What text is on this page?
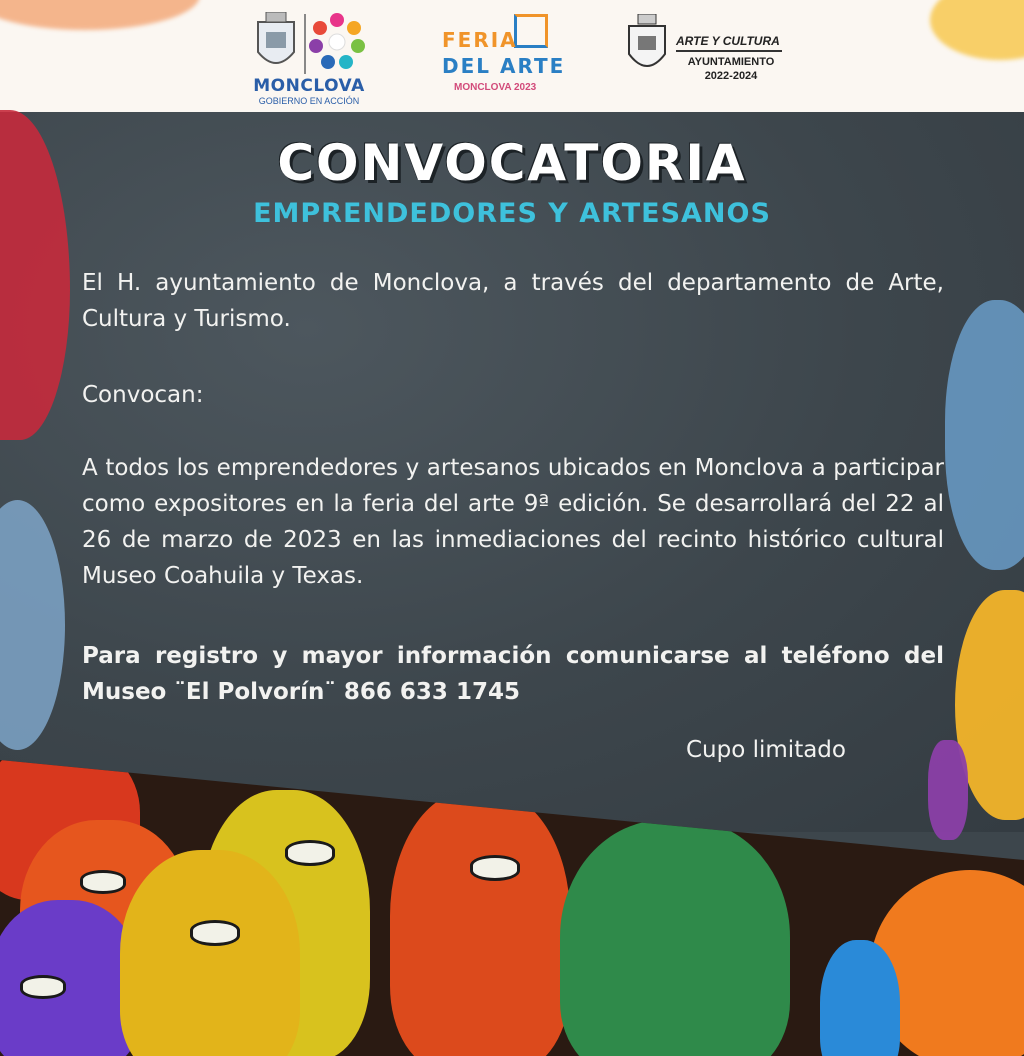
MONCLOVA
GOBIERNO EN ACCIÓN
FERIA
DEL ARTE
MONCLOVA 2023
ARTE Y CULTURA
AYUNTAMIENTO
2022-2024
CONVOCATORIA
EMPRENDEDORES Y ARTESANOS
El H. ayuntamiento de Monclova, a través del departamento de Arte, Cultura y Turismo.
Convocan:
A todos los emprendedores y artesanos ubicados en Monclova a participar como expositores en la feria del arte 9ª edición. Se desarrollará del 22 al 26 de marzo de 2023 en las inmediaciones del recinto histórico cultural Museo Coahuila y Texas.
Para registro y mayor información comunicarse al teléfono del Museo ¨El Polvorín¨ 866 633 1745
Cupo limitado
